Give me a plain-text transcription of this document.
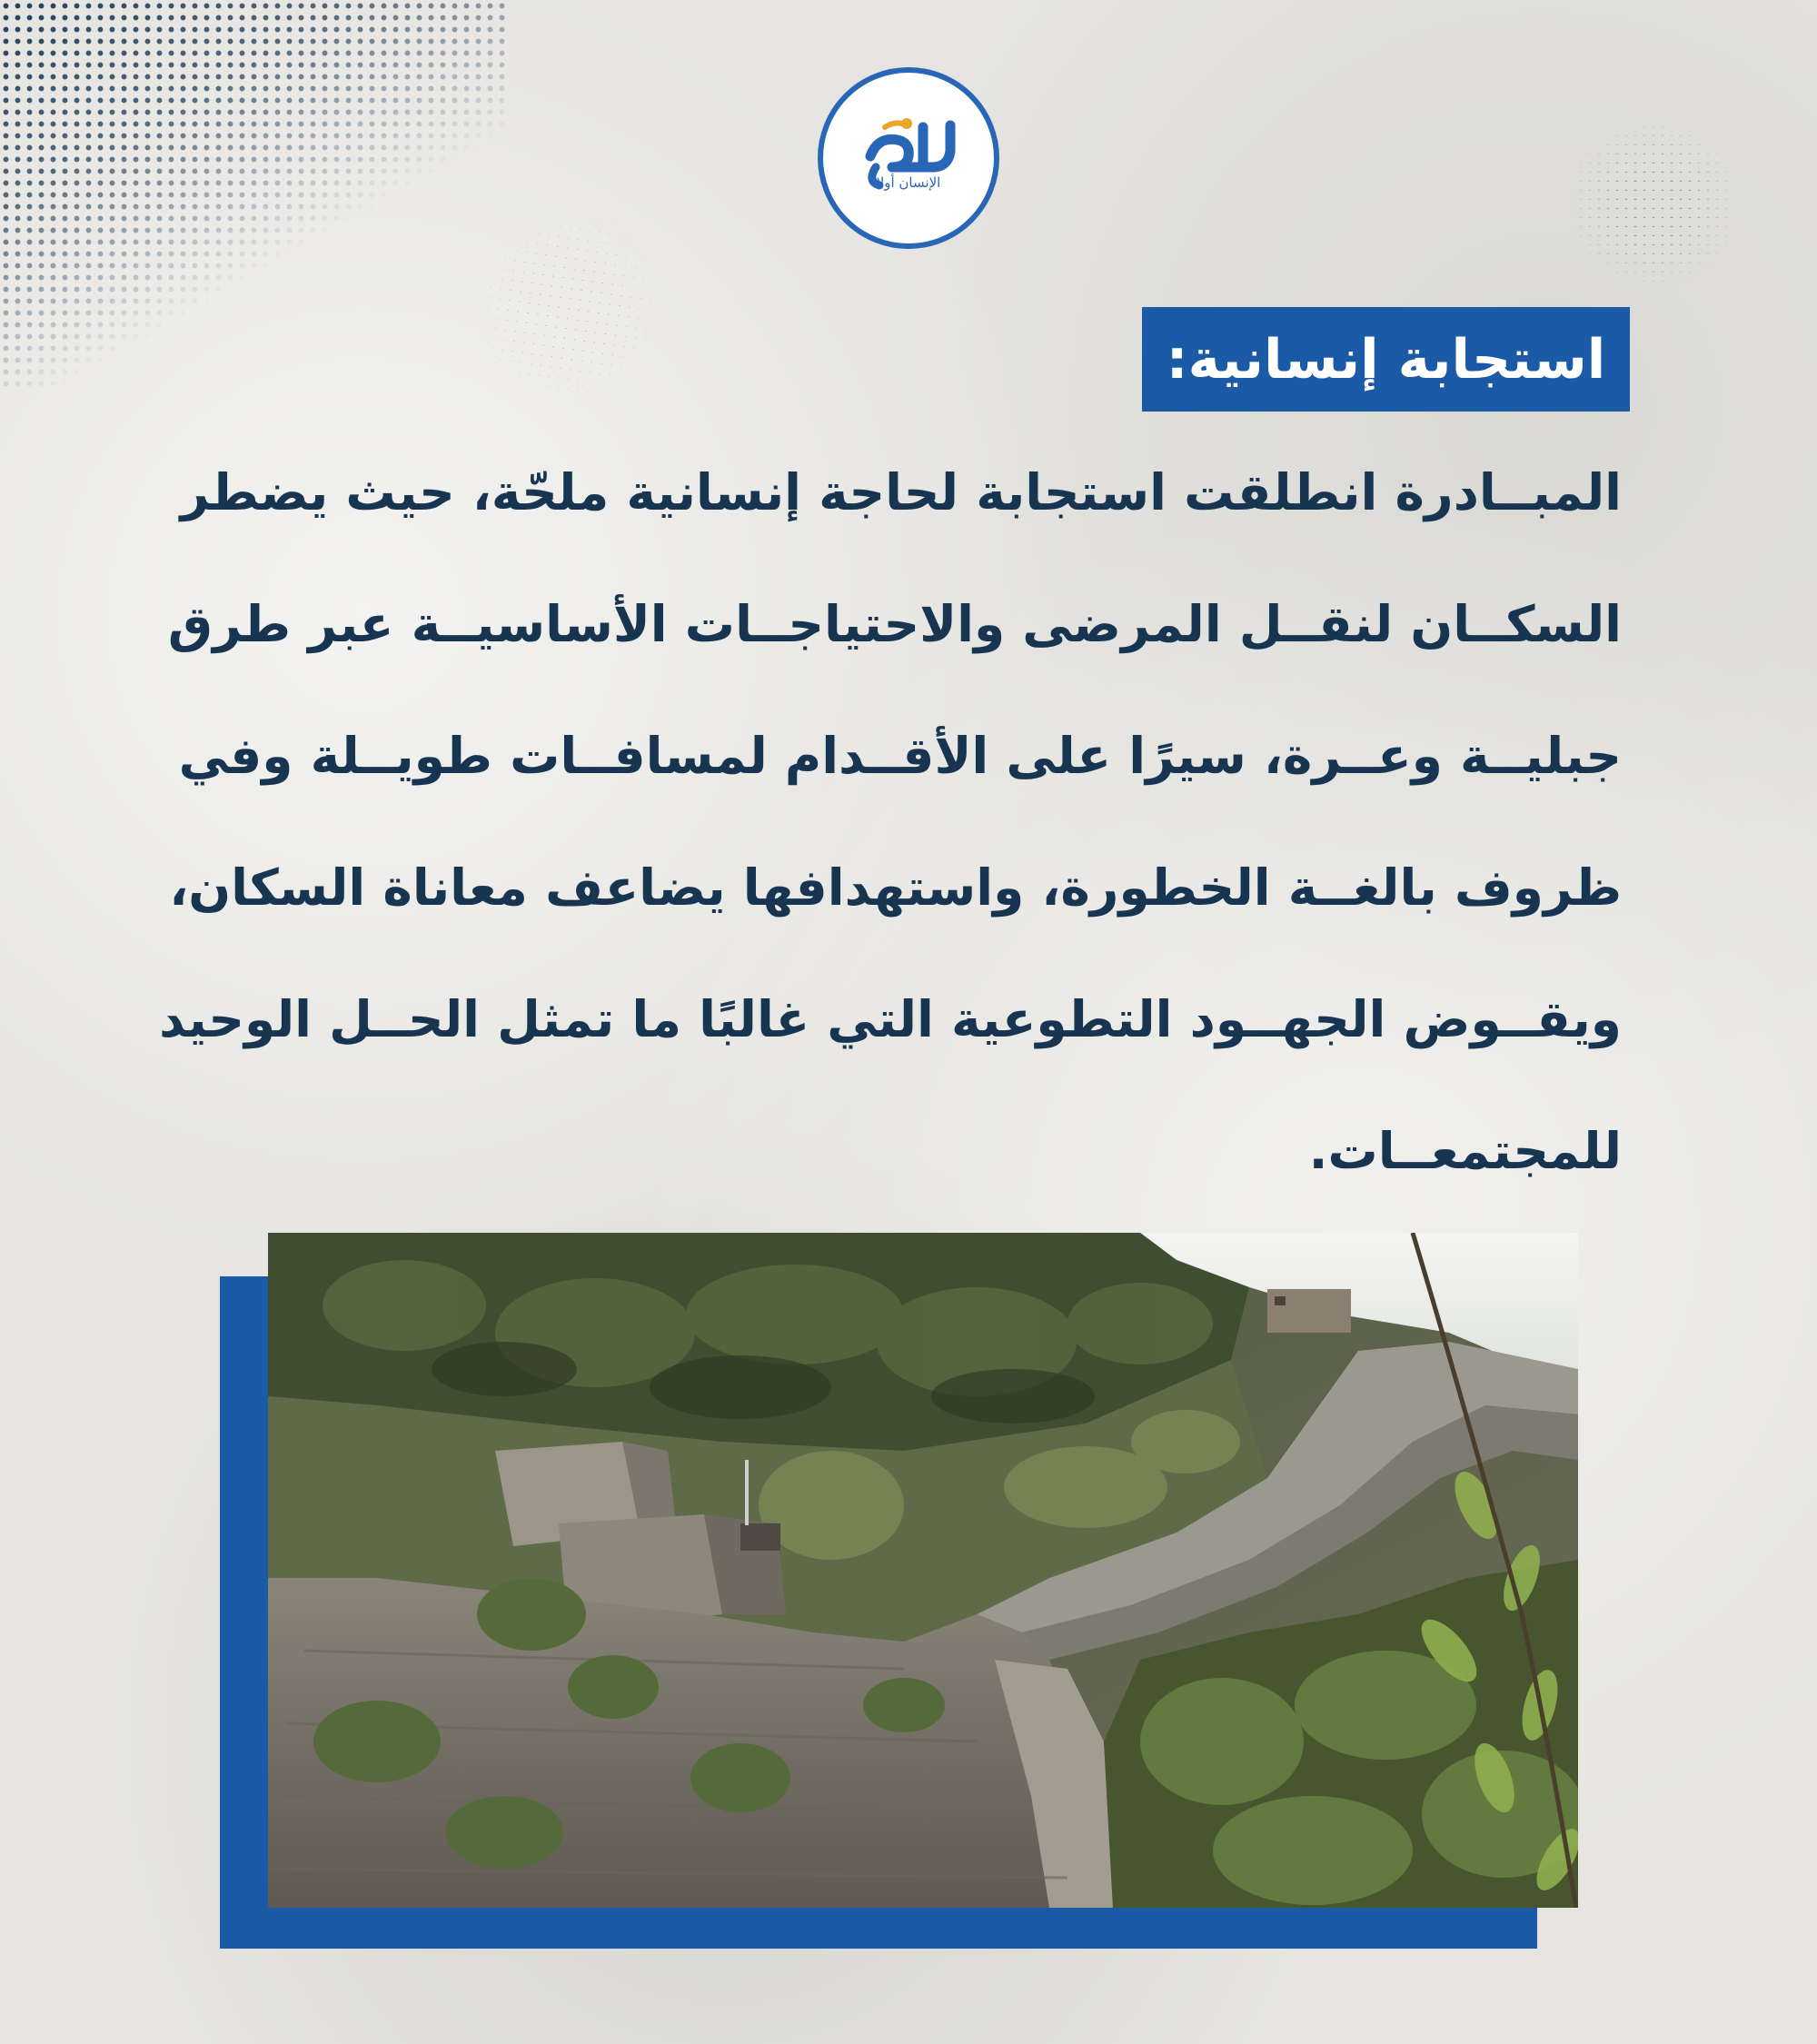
الإنسان أولا
استجابة إنسانية:
المبــادرة انطلقت استجابة لحاجة إنسانية ملحّة، حيث يضطر
السكــان لنقــل المرضى والاحتياجــات الأساسيــة عبر طرق
جبليــة وعــرة، سيرًا على الأقــدام لمسافــات طويــلة وفي
ظروف بالغــة الخطورة، واستهدافها يضاعف معاناة السكان،
ويقــوض الجهــود التطوعية التي غالبًا ما تمثل الحــل الوحيد
للمجتمعــات.
